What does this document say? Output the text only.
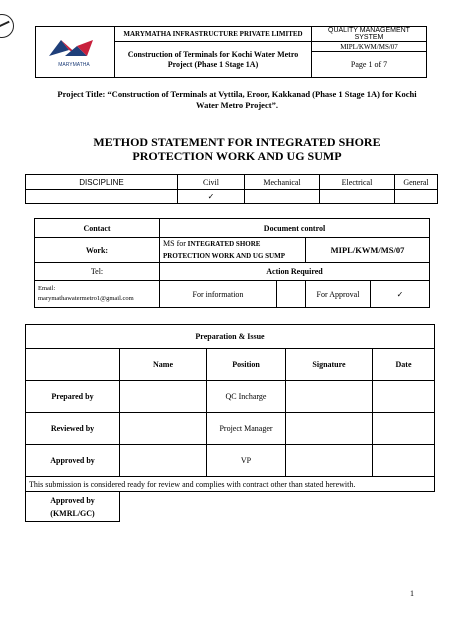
MARYMATHA	MARYMATHA INFRASTRUCTURE PRIVATE LIMITED	QUALITY MANAGEMENT SYSTEM
	Construction of Terminals for Kochi Water Metro Project (Phase 1 Stage 1A)	MIPL/KWM/MS/07
		Page 1 of 7
Project Title: “Construction of Terminals at Vyttila, Eroor, Kakkanad (Phase 1 Stage 1A) for Kochi Water Metro Project”.
METHOD STATEMENT FOR INTEGRATED SHORE
PROTECTION WORK AND UG SUMP
DISCIPLINE	Civil	Mechanical	Electrical	General
	✓			
Contact	Document control			
Work:	MS for INTEGRATED SHORE PROTECTION WORK AND UG SUMP		MIPL/KWM/MS/07	
Tel:	Action Required			

Email:
marymathawatermetro1@gmail.com	For information		For Approval	✓
Preparation & Issue				
	Name	Position	Signature	Date
Prepared by		QC Incharge		
Reviewed by		Project Manager		
Approved by		VP		
This submission is considered ready for review and complies with contract other than stated herewith.				

Approved by
(KMRL/GC)				

1
